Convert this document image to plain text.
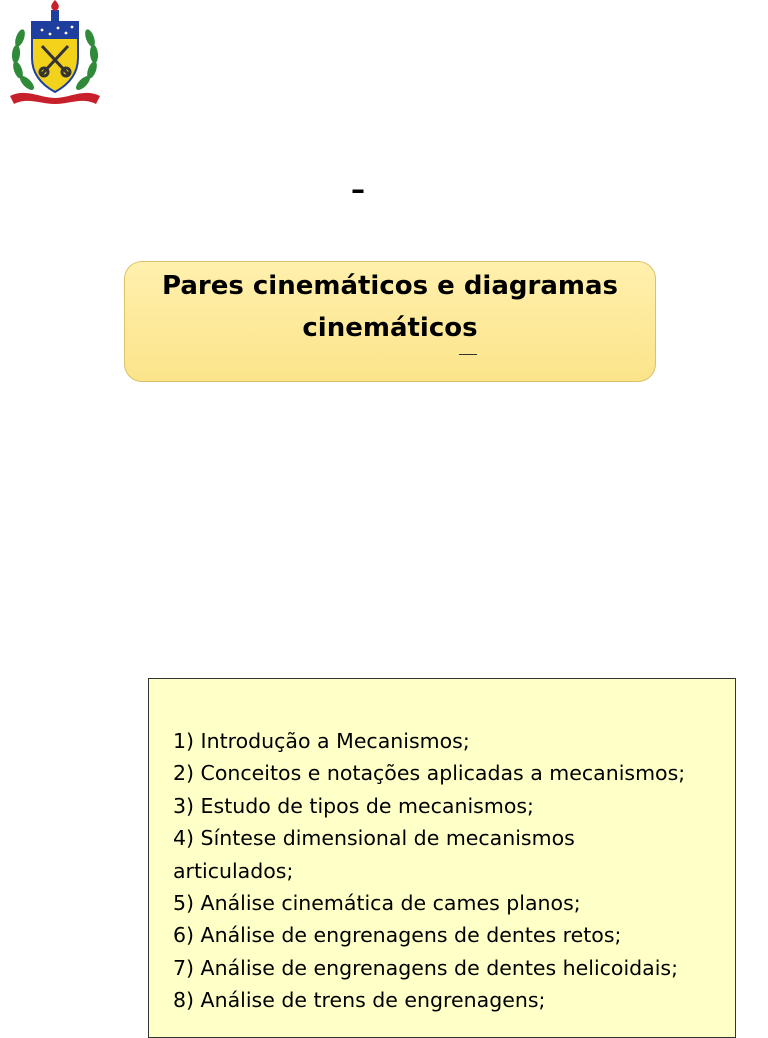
–
Pares cinemáticos e diagramas
cinemáticos
1) Introdução a Mecanismos;
2) Conceitos e notações aplicadas a mecanismos;
3) Estudo de tipos de mecanismos;
4) Síntese dimensional de mecanismos
articulados;
5) Análise cinemática de cames planos;
6) Análise de engrenagens de dentes retos;
7) Análise de engrenagens de dentes helicoidais;
8) Análise de trens de engrenagens;
